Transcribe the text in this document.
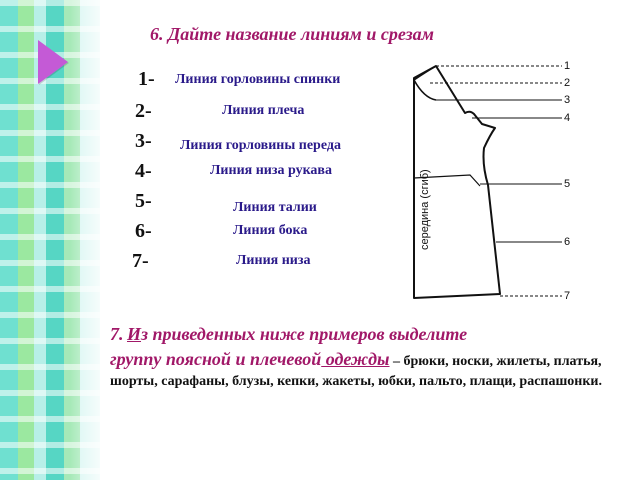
6. Дайте название линиям и срезам
1-
2-
3-
4-
5-
6-
7-
Линия горловины спинки
Линия плеча
Линия горловины переда
Линия низа рукава
Линия талии
Линия бока
Линия низа
1
2
3
4
5
6
7
середина (сгиб)
7. Из приведенных ниже примеров выделите
группу поясной и плечевой одежды – брюки, носки, жилеты, платья, шорты, сарафаны, блузы, кепки, жакеты, юбки, пальто, плащи, распашонки.
